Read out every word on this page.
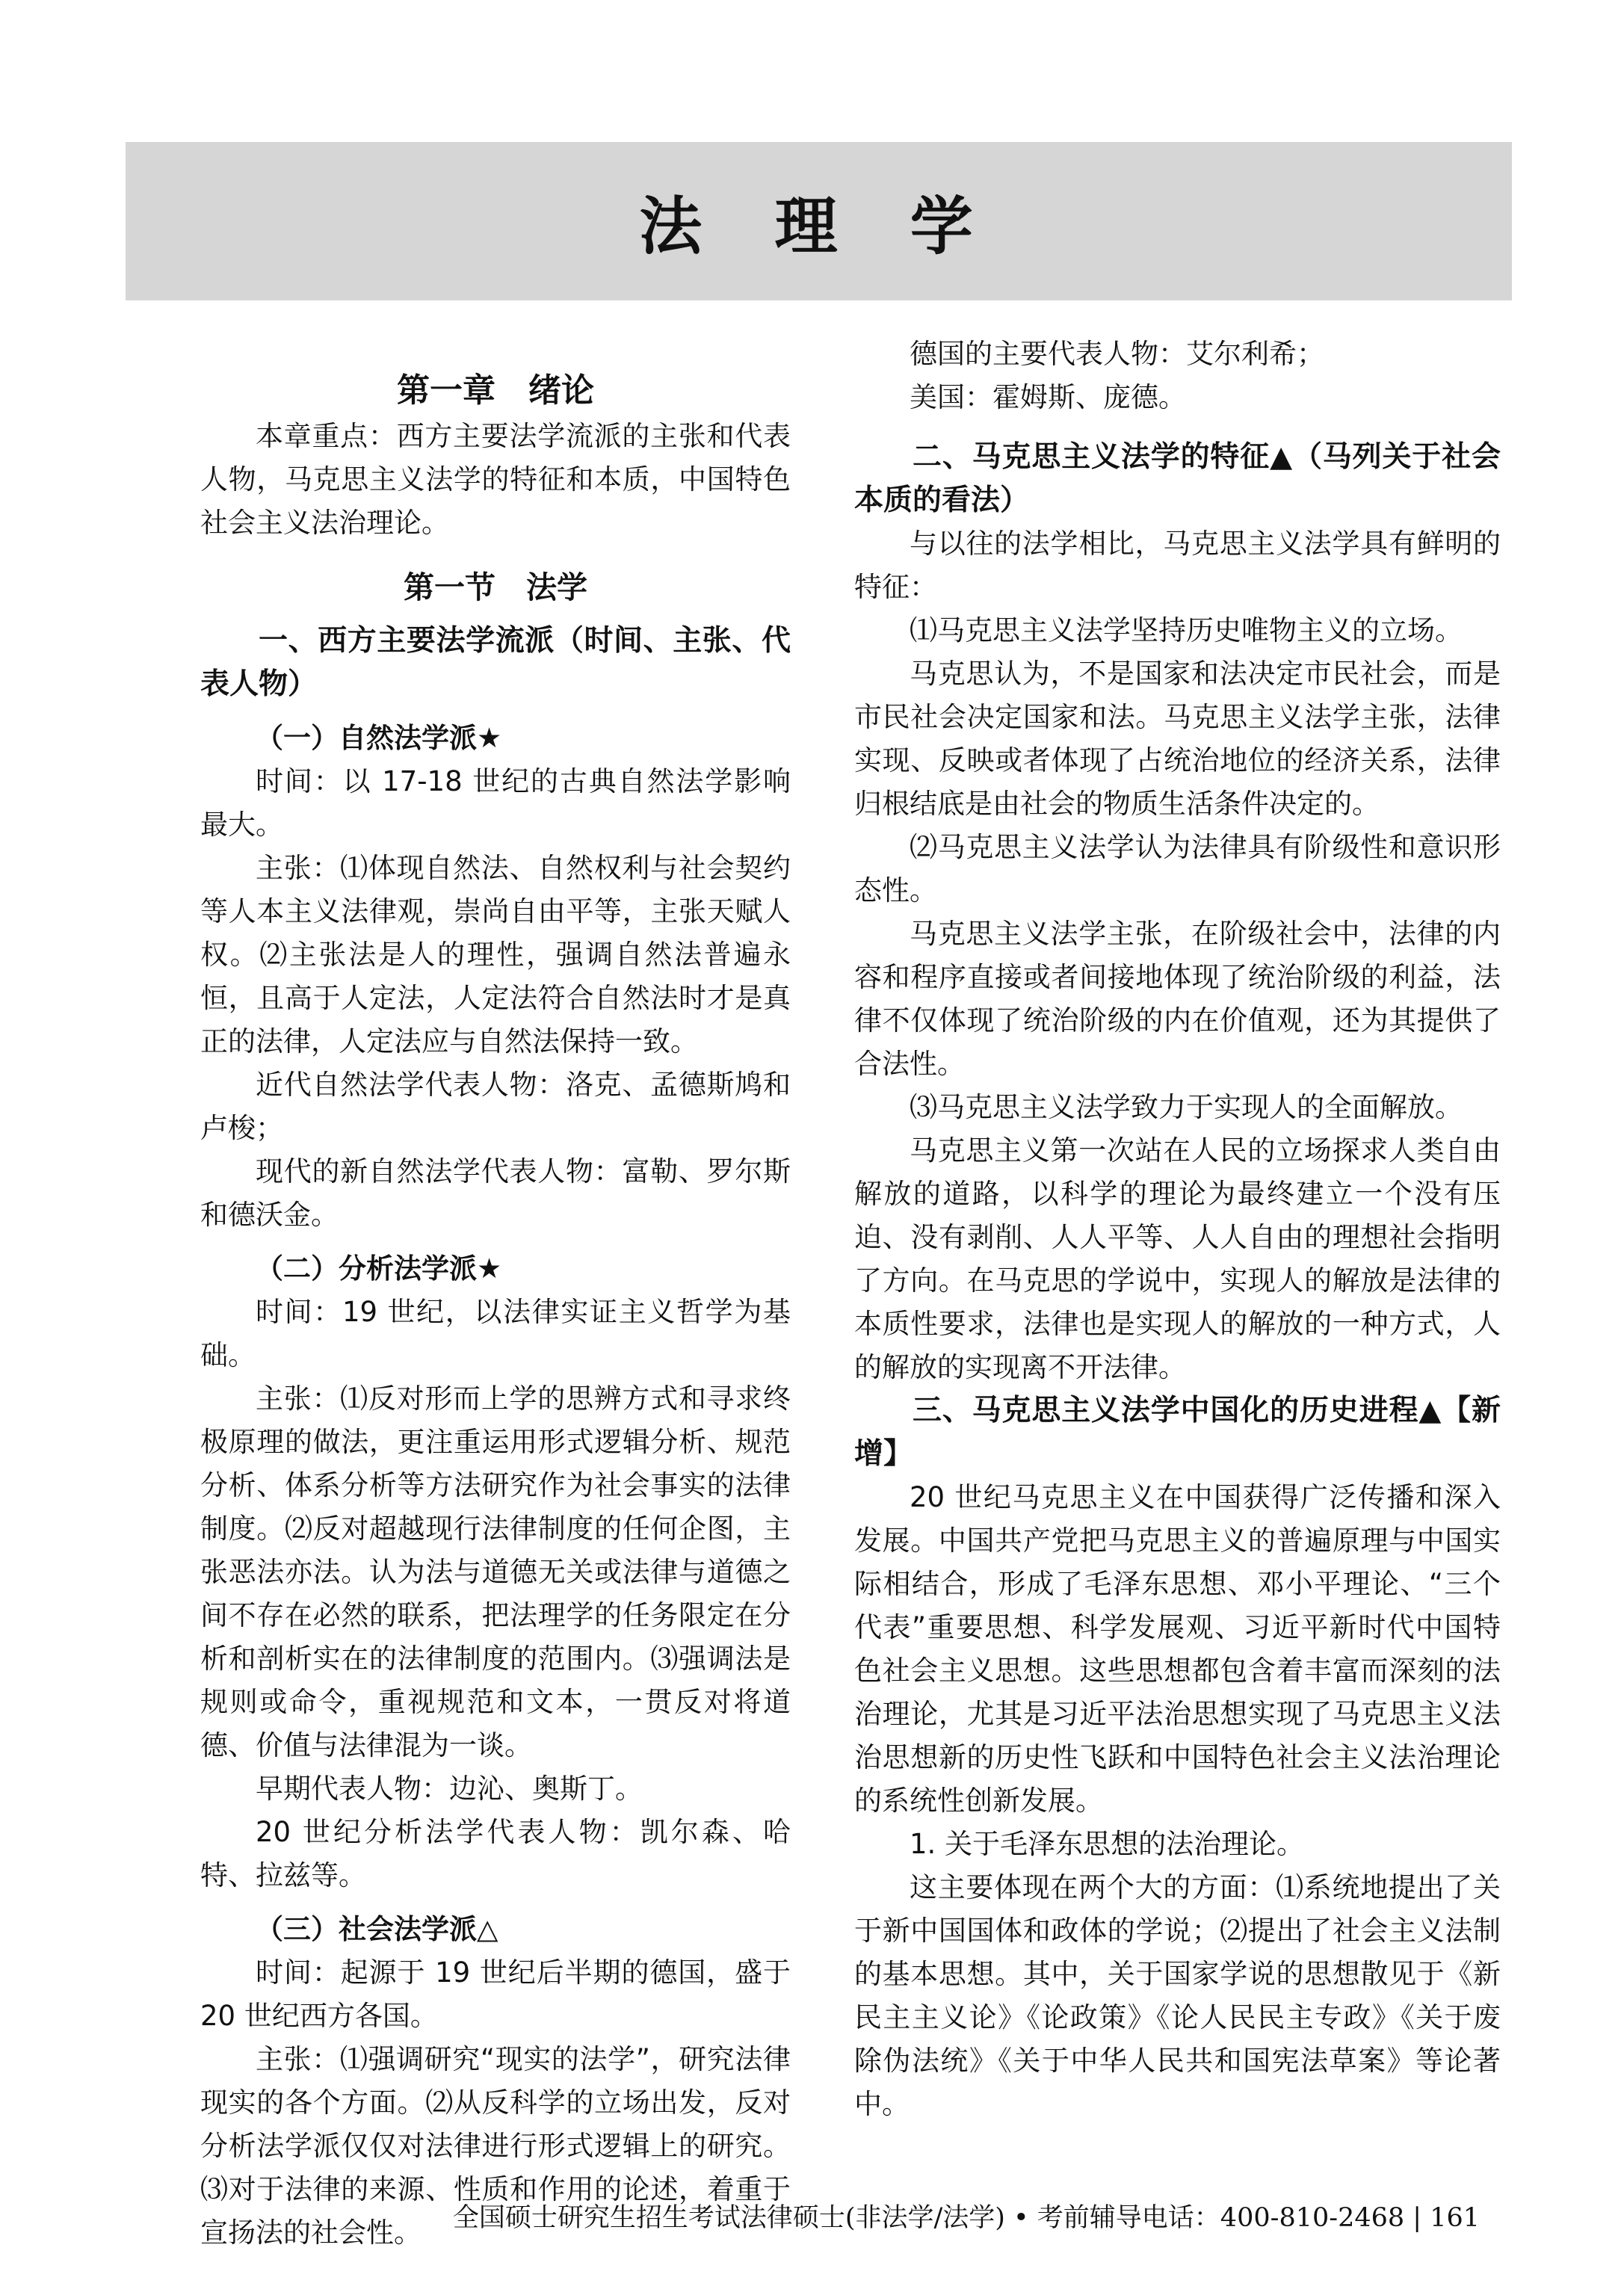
法 理 学
第一章　绪论

本章重点：西方主要法学流派的主张和代表人物，马克思主义法学的特征和本质，中国特色社会主义法治理论。

第一节　法学

一、西方主要法学流派（时间、主张、代表人物）

（一）自然法学派★

时间：以 17-18 世纪的古典自然法学影响最大。

主张：⑴体现自然法、自然权利与社会契约等人本主义法律观，崇尚自由平等，主张天赋人权。⑵主张法是人的理性，强调自然法普遍永恒，且高于人定法，人定法符合自然法时才是真正的法律，人定法应与自然法保持一致。

近代自然法学代表人物：洛克、孟德斯鸠和卢梭；

现代的新自然法学代表人物：富勒、罗尔斯和德沃金。

（二）分析法学派★

时间：19 世纪，以法律实证主义哲学为基础。

主张：⑴反对形而上学的思辨方式和寻求终极原理的做法，更注重运用形式逻辑分析、规范分析、体系分析等方法研究作为社会事实的法律制度。⑵反对超越现行法律制度的任何企图，主张恶法亦法。认为法与道德无关或法律与道德之间不存在必然的联系，把法理学的任务限定在分析和剖析实在的法律制度的范围内。⑶强调法是规则或命令，重视规范和文本，一贯反对将道德、价值与法律混为一谈。

早期代表人物：边沁、奥斯丁。

20 世纪分析法学代表人物：凯尔森、哈特、拉兹等。

（三）社会法学派△

时间：起源于 19 世纪后半期的德国，盛于 20 世纪西方各国。

主张：⑴强调研究“现实的法学”，研究法律现实的各个方面。⑵从反科学的立场出发，反对分析法学派仅仅对法律进行形式逻辑上的研究。⑶对于法律的来源、性质和作用的论述，着重于宣扬法的社会性。

德国的主要代表人物：艾尔利希；

美国：霍姆斯、庞德。

二、马克思主义法学的特征▲（马列关于社会本质的看法）

与以往的法学相比，马克思主义法学具有鲜明的特征：

⑴马克思主义法学坚持历史唯物主义的立场。

马克思认为，不是国家和法决定市民社会，而是市民社会决定国家和法。马克思主义法学主张，法律实现、反映或者体现了占统治地位的经济关系，法律归根结底是由社会的物质生活条件决定的。

⑵马克思主义法学认为法律具有阶级性和意识形态性。

马克思主义法学主张，在阶级社会中，法律的内容和程序直接或者间接地体现了统治阶级的利益，法律不仅体现了统治阶级的内在价值观，还为其提供了合法性。

⑶马克思主义法学致力于实现人的全面解放。

马克思主义第一次站在人民的立场探求人类自由解放的道路，以科学的理论为最终建立一个没有压迫、没有剥削、人人平等、人人自由的理想社会指明了方向。在马克思的学说中，实现人的解放是法律的本质性要求，法律也是实现人的解放的一种方式，人的解放的实现离不开法律。

三、马克思主义法学中国化的历史进程▲【新增】

20 世纪马克思主义在中国获得广泛传播和深入发展。中国共产党把马克思主义的普遍原理与中国实际相结合，形成了毛泽东思想、邓小平理论、“三个代表”重要思想、科学发展观、习近平新时代中国特色社会主义思想。这些思想都包含着丰富而深刻的法治理论，尤其是习近平法治思想实现了马克思主义法治思想新的历史性飞跃和中国特色社会主义法治理论的系统性创新发展。

1. 关于毛泽东思想的法治理论。

这主要体现在两个大的方面：⑴系统地提出了关于新中国国体和政体的学说；⑵提出了社会主义法制的基本思想。其中，关于国家学说的思想散见于《新民主主义论》《论政策》《论人民民主专政》《关于废除伪法统》《关于中华人民共和国宪法草案》等论著中。

全国硕士研究生招生考试法律硕士(非法学/法学) • 考前辅导电话：400-810-2468 | 161
